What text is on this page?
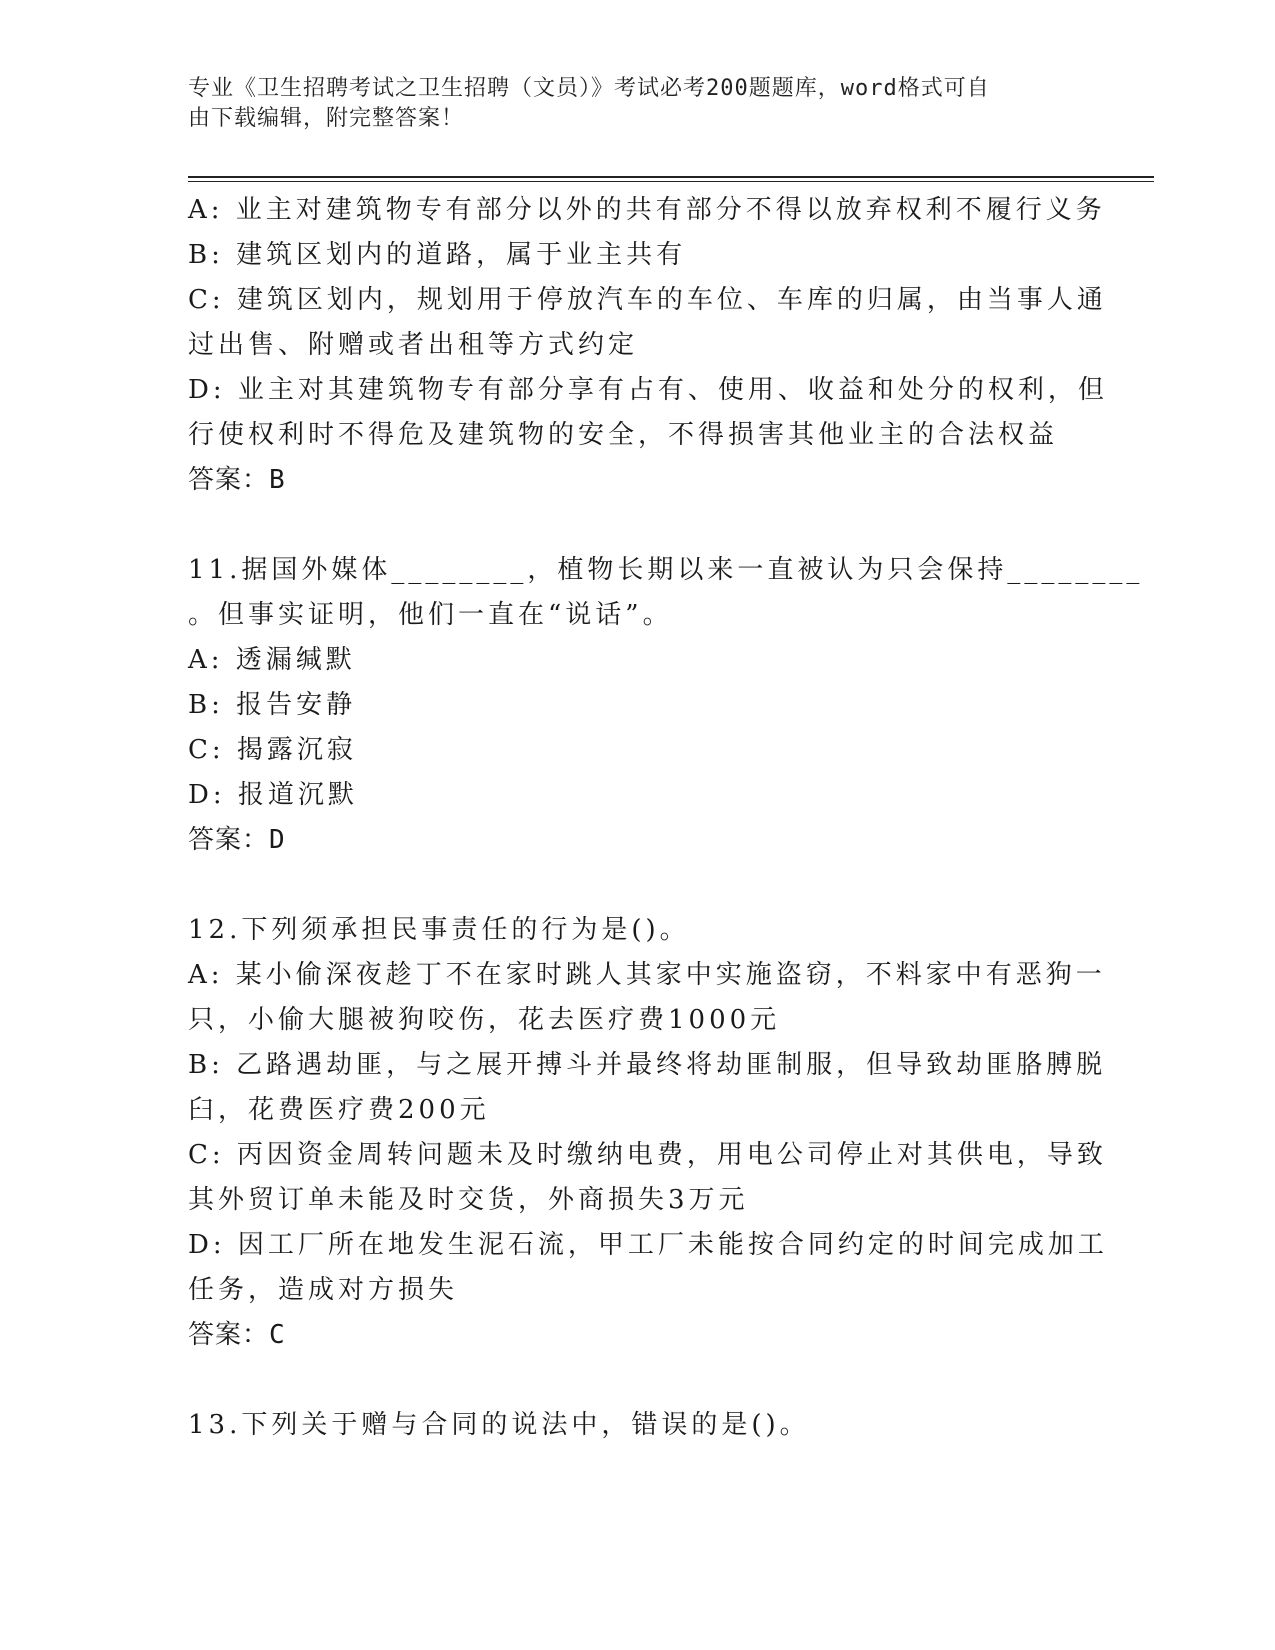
专业《卫生招聘考试之卫生招聘（文员）》考试必考200题题库，word格式可自
由下载编辑，附完整答案！
A: 业主对建筑物专有部分以外的共有部分不得以放弃权利不履行义务
B: 建筑区划内的道路，属于业主共有
C: 建筑区划内，规划用于停放汽车的车位、车库的归属，由当事人通
过出售、附赠或者出租等方式约定
D: 业主对其建筑物专有部分享有占有、使用、收益和处分的权利，但
行使权利时不得危及建筑物的安全，不得损害其他业主的合法权益
答案：B
11.据国外媒体________，植物长期以来一直被认为只会保持________
。但事实证明，他们一直在“说话”。
A: 透漏缄默
B: 报告安静
C: 揭露沉寂
D: 报道沉默
答案：D
12.下列须承担民事责任的行为是()。
A: 某小偷深夜趁丁不在家时跳人其家中实施盗窃，不料家中有恶狗一
只，小偷大腿被狗咬伤，花去医疗费1000元
B: 乙路遇劫匪，与之展开搏斗并最终将劫匪制服，但导致劫匪胳膊脱
臼，花费医疗费200元
C: 丙因资金周转问题未及时缴纳电费，用电公司停止对其供电，导致
其外贸订单未能及时交货，外商损失3万元
D: 因工厂所在地发生泥石流，甲工厂未能按合同约定的时间完成加工
任务，造成对方损失
答案：C
13.下列关于赠与合同的说法中，错误的是()。
